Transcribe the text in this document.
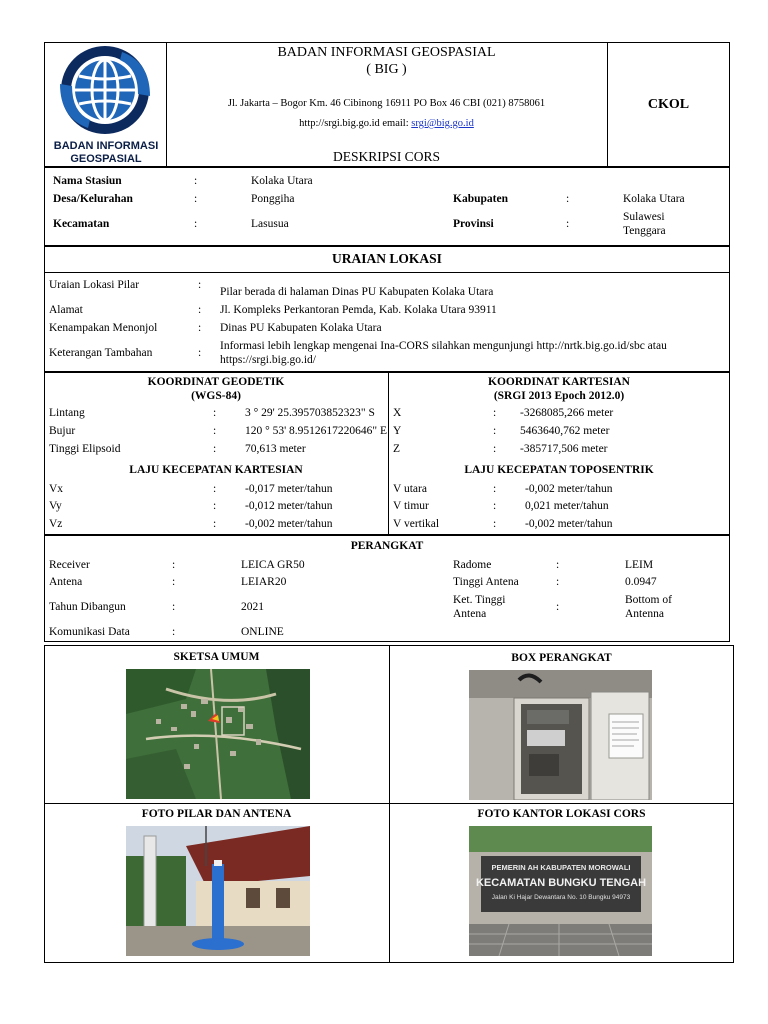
BADAN INFORMASI
GEOSPASIAL
BADAN INFORMASI GEOSPASIAL
( BIG )
Jl. Jakarta – Bogor Km. 46 Cibinong 16911 PO Box 46 CBI (021) 8758061
http://srgi.big.go.id email: srgi@big.go.id
DESKRIPSI CORS
CKOL
Nama Stasiun	:	Kolaka Utara
Desa/Kelurahan	:	Ponggiha	Kabupaten	:	Kolaka Utara
Kecamatan	:	Lasusua	Provinsi	:
Sulawesi
Tenggara
URAIAN LOKASI
Uraian Lokasi Pilar	:
Pilar berada di halaman Dinas PU Kabupaten Kolaka Utara
Alamat	: Jl. Kompleks Perkantoran Pemda, Kab. Kolaka Utara 93911
Kenampakan Menonjol	: Dinas PU Kabupaten Kolaka Utara
Keterangan Tambahan	:
Informasi lebih lengkap mengenai Ina-CORS silahkan mengunjungi http://nrtk.big.go.id/sbc atau
https://srgi.big.go.id/
KOORDINAT GEODETIK
(WGS-84)
KOORDINAT KARTESIAN
(SRGI 2013 Epoch 2012.0)
Lintang	:	3 ° 29' 25.395703852323" S
Bujur	:	120 ° 53' 8.9512617220646" E
Tinggi Elipsoid	:	70,613 meter
X	: -3268085,266 meter
Y	: 5463640,762 meter
Z	: -385717,506 meter
LAJU KECEPATAN KARTESIAN	LAJU KECEPATAN TOPOSENTRIK
Vx	:	-0,017 meter/tahun
Vy	:	-0,012 meter/tahun
Vz	:	-0,002 meter/tahun
V utara	:	-0,002 meter/tahun
V timur	:	0,021 meter/tahun
V vertikal	:	-0,002 meter/tahun
PERANGKAT
Receiver	:	LEICA GR50
Antena	:	LEIAR20
Tahun Dibangun	:	2021
Komunikasi Data	:	ONLINE
Radome	:	LEIM
Tinggi Antena	:	0.0947
Ket. Tinggi
Antena
:
Bottom of
Antenna
SKETSA UMUM	BOX PERANGKAT
FOTO PILAR DAN ANTENA	FOTO KANTOR LOKASI CORS
PEMERIN AH KABUPATEN MOROWALI
KECAMATAN BUNGKU TENGAH
Jalan Ki Hajar Dewantara No. 10 Bungku 94973
